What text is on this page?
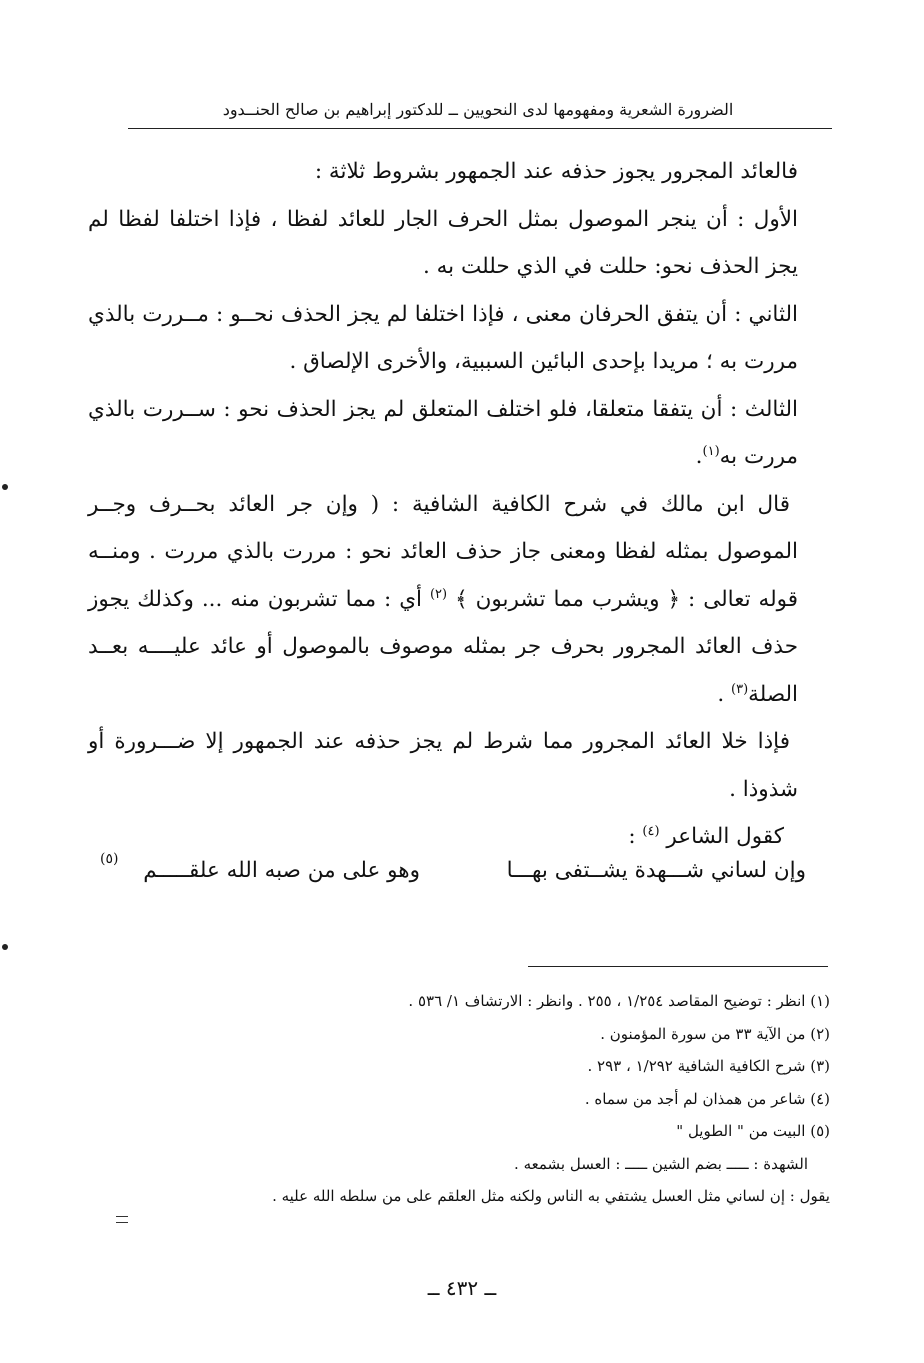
الضرورة الشعرية ومفهومها لدى النحويين ــ للدكتور إبراهيم بن صالح الحنــدود

فالعائد المجرور يجوز حذفه عند الجمهور بشروط ثلاثة :

الأول : أن ينجر الموصول بمثل الحرف الجار للعائد لفظا ، فإذا اختلفا لفظا لم يجز الحذف نحو: حللت في الذي حللت به .

الثاني : أن يتفق الحرفان معنى ، فإذا اختلفا لم يجز الحذف نحــو : مــررت بالذي مررت به ؛ مريدا بإحدى البائين السببية، والأخرى الإلصاق .

الثالث : أن يتفقا متعلقا، فلو اختلف المتعلق لم يجز الحذف نحو : ســررت بالذي مررت به$^{(١)}$.

قال ابن مالك في شرح الكافية الشافية : ( وإن جر العائد بحــرف وجــر الموصول بمثله لفظا ومعنى جاز حذف العائد نحو : مررت بالذي مررت . ومنــه قوله تعالى : ﴿ ويشرب مما تشربون ﴾ $^{(٢)}$ أي : مما تشربون منه ... وكذلك يجوز حذف العائد المجرور بحرف جر بمثله موصوف بالموصول أو عائد عليــــه بعــد الصلة$^{(٣)}$ .

فإذا خلا العائد المجرور مما شرط لم يجز حذفه عند الجمهور إلا ضـــرورة أو شذوذا .

كقول الشاعر $^{(٤)}$ :

وإن لساني شـــهدة يشــتفى بهـــا
وهو على من صبه الله علقـــــم
(٥)
(١) انظر : توضيح المقاصد ١/٢٥٤ ، ٢٥٥ . وانظر : الارتشاف ١/ ٥٣٦ .
(٢) من الآية ٣٣ من سورة المؤمنون .
(٣) شرح الكافية الشافية ١/٢٩٢ ، ٢٩٣ .
(٤) شاعر من همذان لم أجد من سماه .
(٥) البيت من " الطويل "
الشهدة : ـــــ بضم الشين ـــــ : العسل بشمعه .
يقول : إن لساني مثل العسل يشتفي به الناس ولكنه مثل العلقم على من سلطه الله عليه .
ــ ٤٣٢ ــ
